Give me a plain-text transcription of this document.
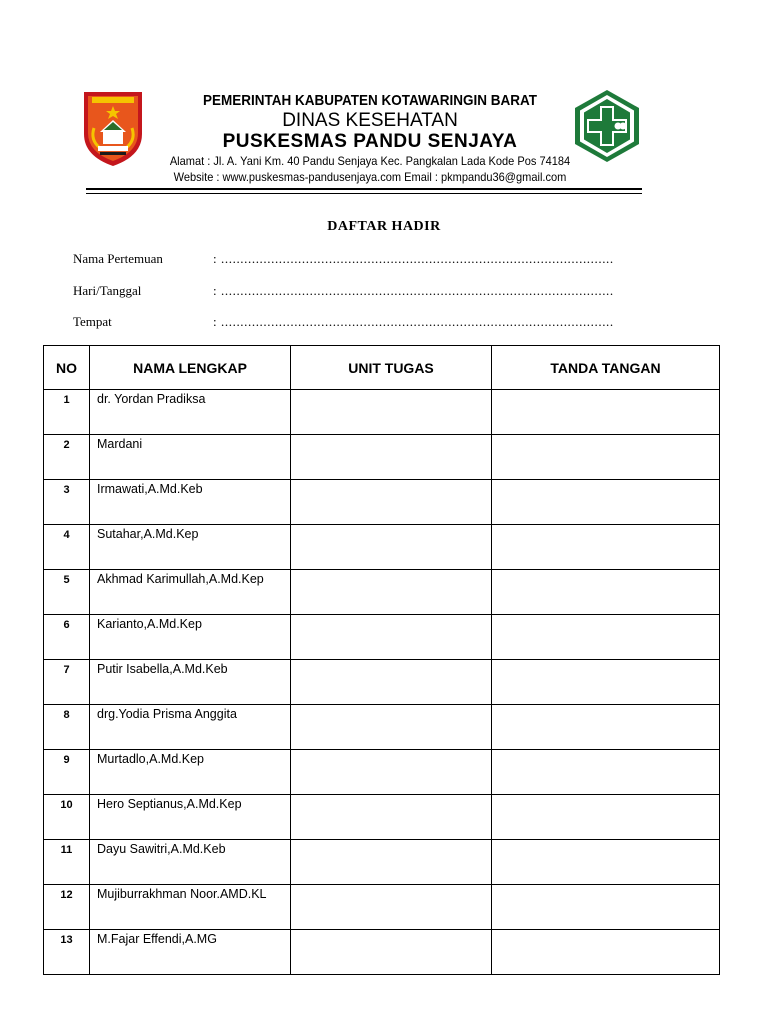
PEMERINTAH KABUPATEN KOTAWARINGIN BARAT
DINAS KESEHATAN
PUSKESMAS PANDU SENJAYA
Alamat : Jl. A. Yani Km. 40 Pandu Senjaya Kec. Pangkalan Lada Kode Pos 74184
Website : www.puskesmas-pandusenjaya.com Email : pkmpandu36@gmail.com
DAFTAR HADIR
Nama Pertemuan	: ......................................................................................................
Hari/Tanggal	: ......................................................................................................
Tempat	: ......................................................................................................
NO	NAMA LENGKAP	UNIT TUGAS	TANDA TANGAN

1	dr. Yordan Pradiksa		

2	Mardani		

3	Irmawati,A.Md.Keb		

4	Sutahar,A.Md.Kep		

5	Akhmad Karimullah,A.Md.Kep		

6	Karianto,A.Md.Kep		

7	Putir Isabella,A.Md.Keb		

8	drg.Yodia Prisma Anggita		

9	Murtadlo,A.Md.Kep		

10	Hero Septianus,A.Md.Kep		

11	Dayu Sawitri,A.Md.Keb		

12	Mujiburrakhman Noor.AMD.KL		

13	M.Fajar Effendi,A.MG		
